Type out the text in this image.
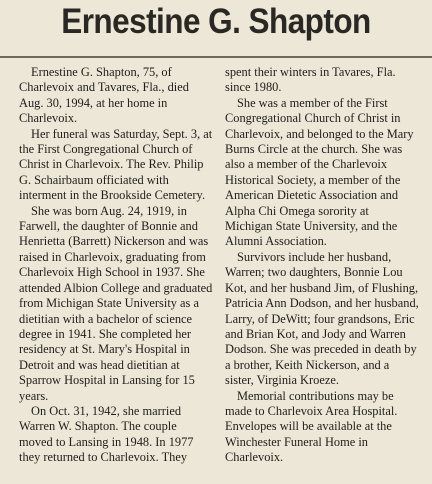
Ernestine G. Shapton

Ernestine G. Shapton, 75, of Charlevoix and Tavares, Fla., died Aug. 30, 1994, at her home in Charlevoix.

Her funeral was Saturday, Sept. 3, at the First Congregational Church of Christ in Charlevoix. The Rev. Philip G. Schairbaum officiated with interment in the Brookside Cemetery.

She was born Aug. 24, 1919, in Farwell, the daughter of Bonnie and Henrietta (Barrett) Nickerson and was raised in Charlevoix, graduating from Charlevoix High School in 1937. She attended Albion College and graduated from Michigan State University as a dietitian with a bachelor of science degree in 1941. She completed her residency at St. Mary's Hospital in Detroit and was head dietitian at Sparrow Hospital in Lansing for 15 years.

On Oct. 31, 1942, she married Warren W. Shapton. The couple moved to Lansing in 1948. In 1977 they returned to Charlevoix. They spent their winters in Tavares, Fla. since 1980.

She was a member of the First Congregational Church of Christ in Charlevoix, and belonged to the Mary Burns Circle at the church. She was also a member of the Charlevoix Historical Society, a member of the American Dietetic Association and Alpha Chi Omega sorority at Michigan State University, and the Alumni Association.

Survivors include her husband, Warren; two daughters, Bonnie Lou Kot, and her husband Jim, of Flushing, Patricia Ann Dodson, and her husband, Larry, of DeWitt; four grandsons, Eric and Brian Kot, and Jody and Warren Dodson. She was preceded in death by a brother, Keith Nickerson, and a sister, Virginia Kroeze.

Memorial contributions may be made to Charlevoix Area Hospital. Envelopes will be available at the Winchester Funeral Home in Charlevoix.
